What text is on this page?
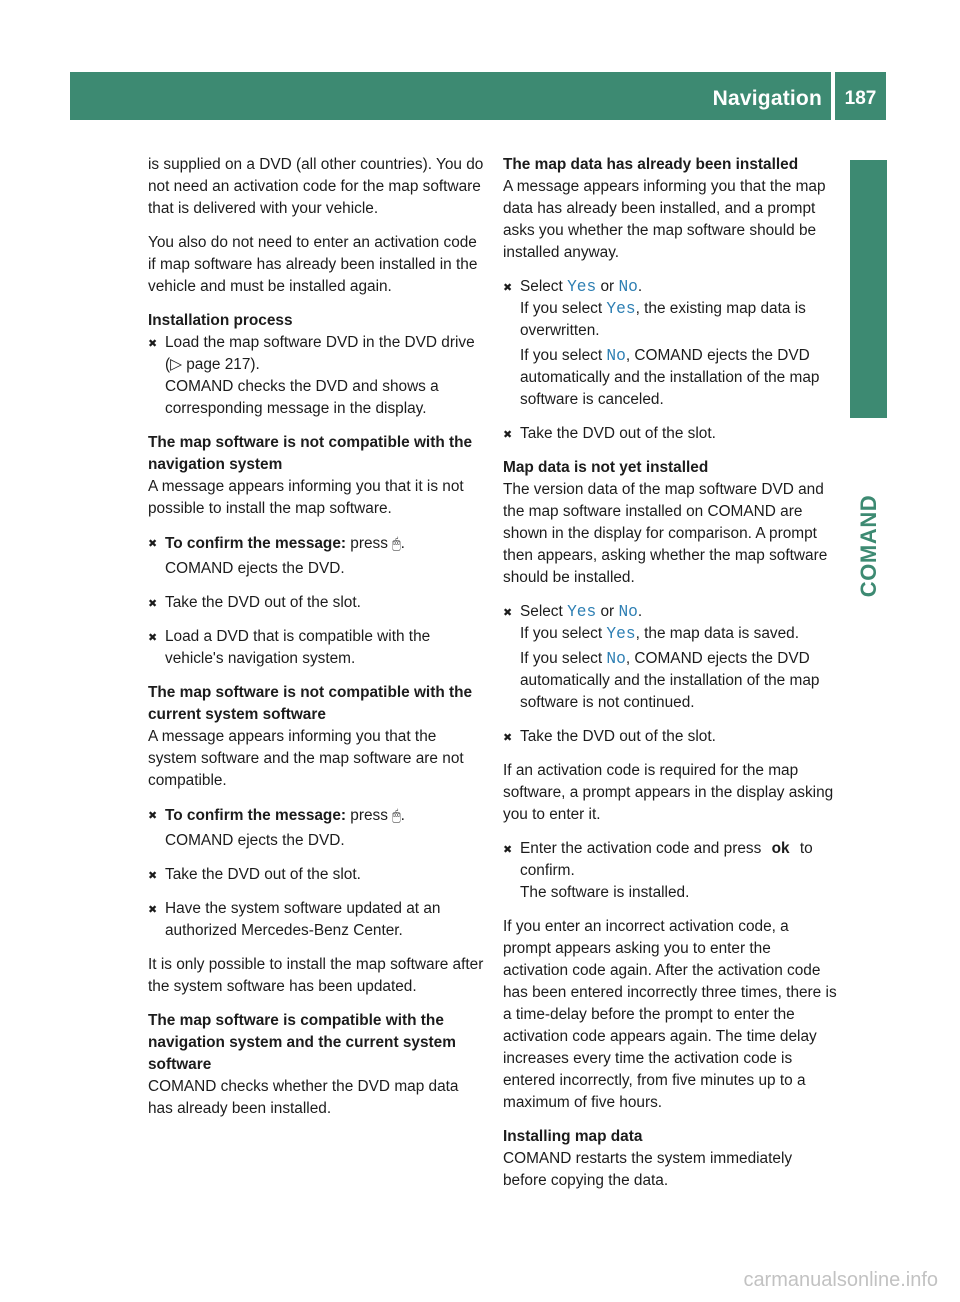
Navigation	187
COMAND

is supplied on a DVD (all other countries). You do not need an activation code for the map software that is delivered with your vehicle.

You also do not need to enter an activation code if map software has already been installed in the vehicle and must be installed again.

Installation process

✖ Load the map software DVD in the DVD drive (▷ page 217).

COMAND checks the DVD and shows a corresponding message in the display.

The map software is not compatible with the navigation system

A message appears informing you that it is not possible to install the map software.

✖ To confirm the message: press 🖱.

COMAND ejects the DVD.

✖ Take the DVD out of the slot.

✖ Load a DVD that is compatible with the vehicle's navigation system.

The map software is not compatible with the current system software

A message appears informing you that the system software and the map software are not compatible.

✖ To confirm the message: press 🖱.

COMAND ejects the DVD.

✖ Take the DVD out of the slot.

✖ Have the system software updated at an authorized Mercedes-Benz Center.

It is only possible to install the map software after the system software has been updated.

The map software is compatible with the navigation system and the current system software

COMAND checks whether the DVD map data has already been installed.

The map data has already been installed

A message appears informing you that the map data has already been installed, and a prompt asks you whether the map software should be installed anyway.

✖ Select Yes or No.

If you select Yes, the existing map data is overwritten.

If you select No, COMAND ejects the DVD automatically and the installation of the map software is canceled.

✖ Take the DVD out of the slot.

Map data is not yet installed

The version data of the map software DVD and the map software installed on COMAND are shown in the display for comparison. A prompt then appears, asking whether the map software should be installed.

✖ Select Yes or No.

If you select Yes, the map data is saved.

If you select No, COMAND ejects the DVD automatically and the installation of the map software is not continued.

✖ Take the DVD out of the slot.

If an activation code is required for the map software, a prompt appears in the display asking you to enter it.

✖ Enter the activation code and press ok to confirm.

The software is installed.

If you enter an incorrect activation code, a prompt appears asking you to enter the activation code again. After the activation code has been entered incorrectly three times, there is a time-delay before the prompt to enter the activation code appears again. The time delay increases every time the activation code is entered incorrectly, from five minutes up to a maximum of five hours.

Installing map data

COMAND restarts the system immediately before copying the data.

carmanualsonline.info
